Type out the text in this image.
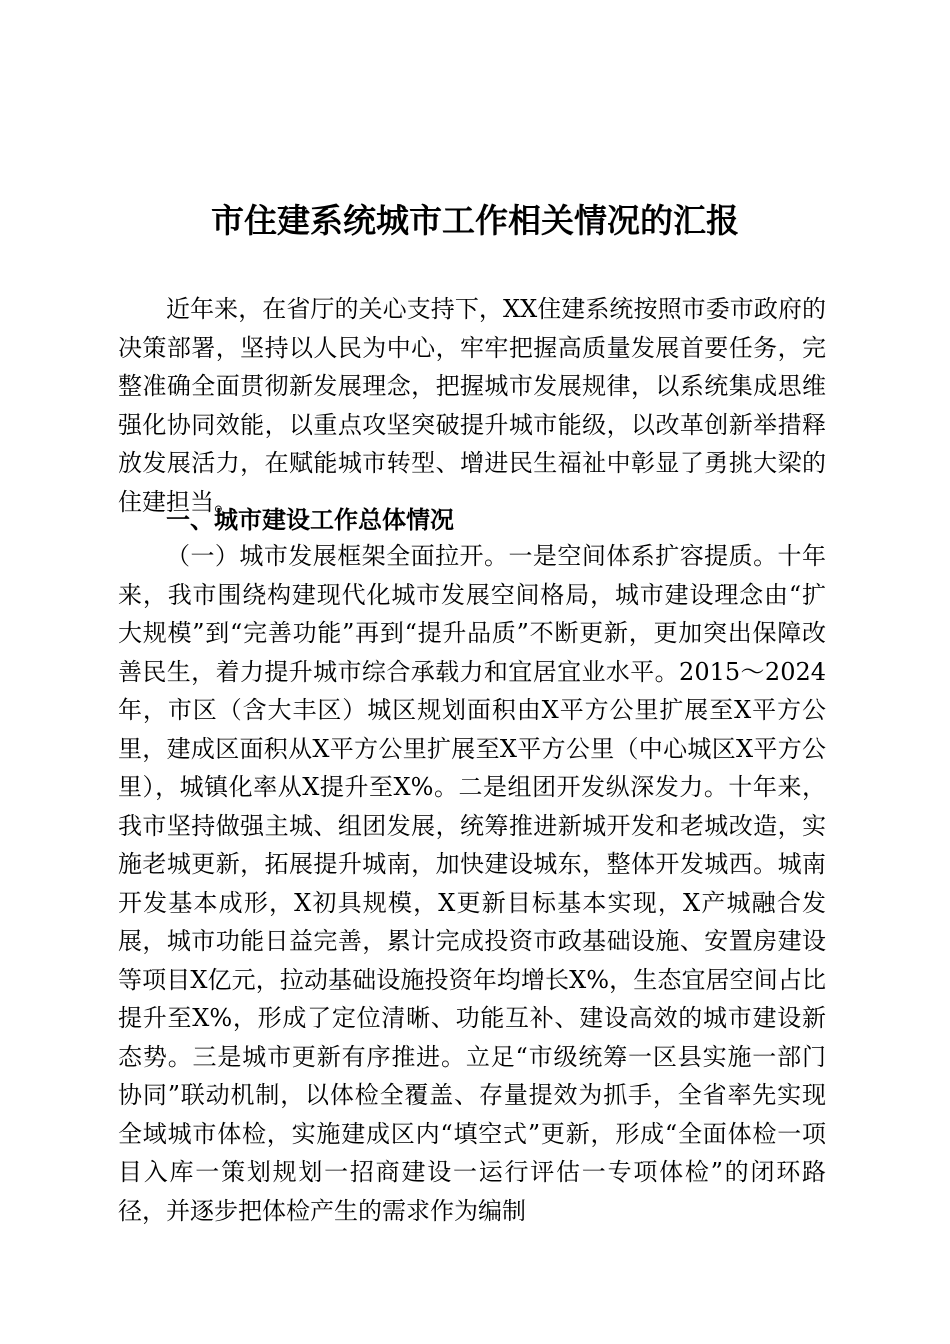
市住建系统城市工作相关情况的汇报
近年来，在省厅的关心支持下，XX住建系统按照市委市政府的决策部署，坚持以人民为中心，牢牢把握高质量发展首要任务，完整准确全面贯彻新发展理念，把握城市发展规律，以系统集成思维强化协同效能，以重点攻坚突破提升城市能级，以改革创新举措释放发展活力，在赋能城市转型、增进民生福祉中彰显了勇挑大梁的住建担当。
一、城市建设工作总体情况
（一）城市发展框架全面拉开。一是空间体系扩容提质。十年来，我市围绕构建现代化城市发展空间格局，城市建设理念由“扩大规模”到“完善功能”再到“提升品质”不断更新，更加突出保障改善民生，着力提升城市综合承载力和宜居宜业水平。2015～2024年，市区（含大丰区）城区规划面积由X平方公里扩展至X平方公里，建成区面积从X平方公里扩展至X平方公里（中心城区X平方公里），城镇化率从X提升至X%。二是组团开发纵深发力。十年来，我市坚持做强主城、组团发展，统筹推进新城开发和老城改造，实施老城更新，拓展提升城南，加快建设城东，整体开发城西。城南开发基本成形，X初具规模，X更新目标基本实现，X产城融合发展，城市功能日益完善，累计完成投资市政基础设施、安置房建设等项目X亿元，拉动基础设施投资年均增长X%，生态宜居空间占比提升至X%，形成了定位清晰、功能互补、建设高效的城市建设新态势。三是城市更新有序推进。立足“市级统筹一区县实施一部门协同”联动机制，以体检全覆盖、存量提效为抓手，全省率先实现全域城市体检，实施建成区内“填空式”更新，形成“全面体检一项目入库一策划规划一招商建设一运行评估一专项体检”的闭环路径，并逐步把体检产生的需求作为编制
